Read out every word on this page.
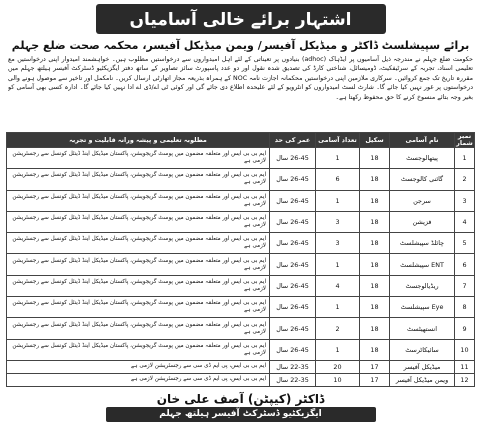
اشتہار برائے خالی آسامیاں
برائے سپیشلسٹ ڈاکٹر و میڈیکل آفیسر/ ویمن میڈیکل آفیسر، محکمہ صحت ضلع جہلم
حکومت ضلع جہلم نے مندرجہ ذیل آسامیوں پر ایڈہاک (adhoc) بنیادوں پر تعیناتی کے لئے اہل امیدواروں سے درخواستیں مطلوب ہیں۔ خواہشمند امیدوار اپنی درخواستیں مع تعلیمی اسناد، تجربہ کے سرٹیفکیٹ، ڈومیسائل، شناختی کارڈ کی تصدیق شدہ نقول اور دو عدد پاسپورٹ سائز تصاویر کے ساتھ دفتر ایگزیکٹیو ڈسٹرکٹ آفیسر ہیلتھ جہلم میں مقررہ تاریخ تک جمع کروائیں۔ سرکاری ملازمین اپنی درخواستیں محکمانہ اجازت نامہ NOC کے ہمراہ بذریعہ مجاز اتھارٹی ارسال کریں۔ نامکمل اور تاخیر سے موصول ہونے والی درخواستوں پر غور نہیں کیا جائے گا۔ شارٹ لسٹ امیدواروں کو انٹرویو کے لئے علیحدہ اطلاع دی جائے گی اور کوئی ٹی اے/ڈی اے ادا نہیں کیا جائے گا۔ ادارہ کسی بھی آسامی کو بغیر وجہ بتائے منسوخ کرنے کا حق محفوظ رکھتا ہے۔
نمبر شمار	نام آسامی	سکیل	تعداد آسامی	عمر کی حد	مطلوبہ تعلیمی و پیشہ ورانہ قابلیت و تجربہ
1	پیتھالوجسٹ	18	1	26-45 سال	ایم بی بی ایس اور متعلقہ مضمون میں پوسٹ گریجویشن، پاکستان میڈیکل اینڈ ڈینٹل کونسل سے رجسٹریشن لازمی ہے
2	گائنی کالوجسٹ	18	6	26-45 سال	ایم بی بی ایس اور متعلقہ مضمون میں پوسٹ گریجویشن، پاکستان میڈیکل اینڈ ڈینٹل کونسل سے رجسٹریشن لازمی ہے
3	سرجن	18	1	26-45 سال	ایم بی بی ایس اور متعلقہ مضمون میں پوسٹ گریجویشن، پاکستان میڈیکل اینڈ ڈینٹل کونسل سے رجسٹریشن لازمی ہے
4	فزیشن	18	3	26-45 سال	ایم بی بی ایس اور متعلقہ مضمون میں پوسٹ گریجویشن، پاکستان میڈیکل اینڈ ڈینٹل کونسل سے رجسٹریشن لازمی ہے
5	چائلڈ سپیشلسٹ	18	3	26-45 سال	ایم بی بی ایس اور متعلقہ مضمون میں پوسٹ گریجویشن، پاکستان میڈیکل اینڈ ڈینٹل کونسل سے رجسٹریشن لازمی ہے
6	ENT سپیشلسٹ	18	1	26-45 سال	ایم بی بی ایس اور متعلقہ مضمون میں پوسٹ گریجویشن، پاکستان میڈیکل اینڈ ڈینٹل کونسل سے رجسٹریشن لازمی ہے
7	ریڈیالوجسٹ	18	4	26-45 سال	ایم بی بی ایس اور متعلقہ مضمون میں پوسٹ گریجویشن، پاکستان میڈیکل اینڈ ڈینٹل کونسل سے رجسٹریشن لازمی ہے
8	Eye سپیشلسٹ	18	1	26-45 سال	ایم بی بی ایس اور متعلقہ مضمون میں پوسٹ گریجویشن، پاکستان میڈیکل اینڈ ڈینٹل کونسل سے رجسٹریشن لازمی ہے
9	انستھیٹسٹ	18	2	26-45 سال	ایم بی بی ایس اور متعلقہ مضمون میں پوسٹ گریجویشن، پاکستان میڈیکل اینڈ ڈینٹل کونسل سے رجسٹریشن لازمی ہے
10	سائیکاٹرسٹ	18	1	26-45 سال	ایم بی بی ایس اور متعلقہ مضمون میں پوسٹ گریجویشن، پاکستان میڈیکل اینڈ ڈینٹل کونسل سے رجسٹریشن لازمی ہے
11	میڈیکل آفیسر	17	20	22-35 سال	ایم بی بی ایس، پی ایم ڈی سی سے رجسٹریشن لازمی ہے
12	ویمن میڈیکل آفیسر	17	10	22-35 سال	ایم بی بی ایس، پی ایم ڈی سی سے رجسٹریشن لازمی ہے
ڈاکٹر (کیپٹن) آصف علی خان
ایگزیکٹیو ڈسٹرکٹ آفیسر ہیلتھ جہلم
